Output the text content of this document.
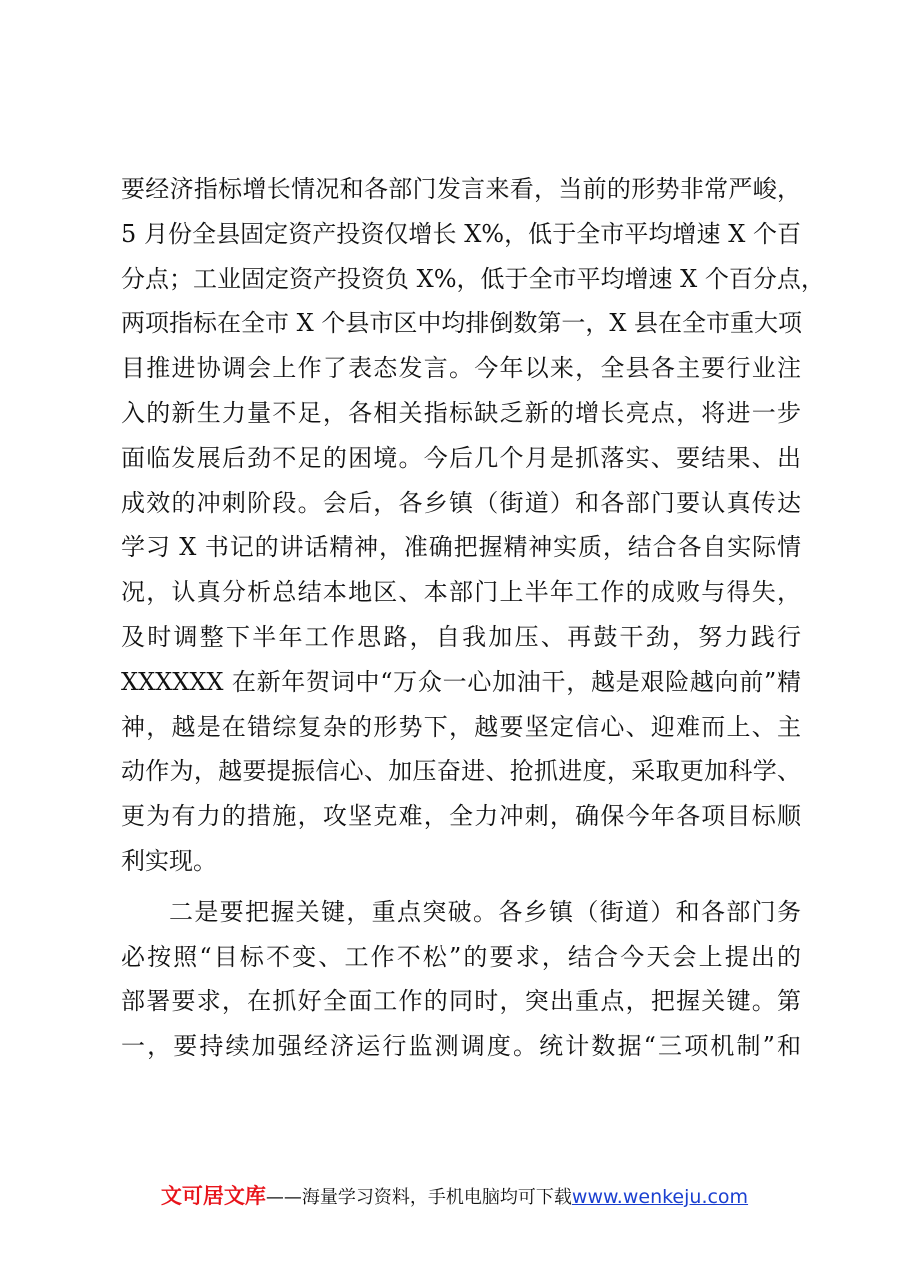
要经济指标增长情况和各部门发言来看，当前的形势非常严峻，
5 月份全县固定资产投资仅增长 X%，低于全市平均增速 X 个百
分点；工业固定资产投资负 X%，低于全市平均增速 X 个百分点，
两项指标在全市 X 个县市区中均排倒数第一，X 县在全市重大项
目推进协调会上作了表态发言。今年以来，全县各主要行业注
入的新生力量不足，各相关指标缺乏新的增长亮点，将进一步
面临发展后劲不足的困境。今后几个月是抓落实、要结果、出
成效的冲刺阶段。会后，各乡镇（街道）和各部门要认真传达
学习 X 书记的讲话精神，准确把握精神实质，结合各自实际情
况，认真分析总结本地区、本部门上半年工作的成败与得失，
及时调整下半年工作思路，自我加压、再鼓干劲，努力践行
XXXXXX 在新年贺词中“万众一心加油干，越是艰险越向前”精
神，越是在错综复杂的形势下，越要坚定信心、迎难而上、主
动作为，越要提振信心、加压奋进、抢抓进度，采取更加科学、
更为有力的措施，攻坚克难，全力冲刺，确保今年各项目标顺
利实现。
二是要把握关键，重点突破。各乡镇（街道）和各部门务
必按照“目标不变、工作不松”的要求，结合今天会上提出的
部署要求，在抓好全面工作的同时，突出重点，把握关键。第
一，要持续加强经济运行监测调度。统计数据“三项机制”和
文可居文库——海量学习资料，手机电脑均可下载www.wenkeju.com
